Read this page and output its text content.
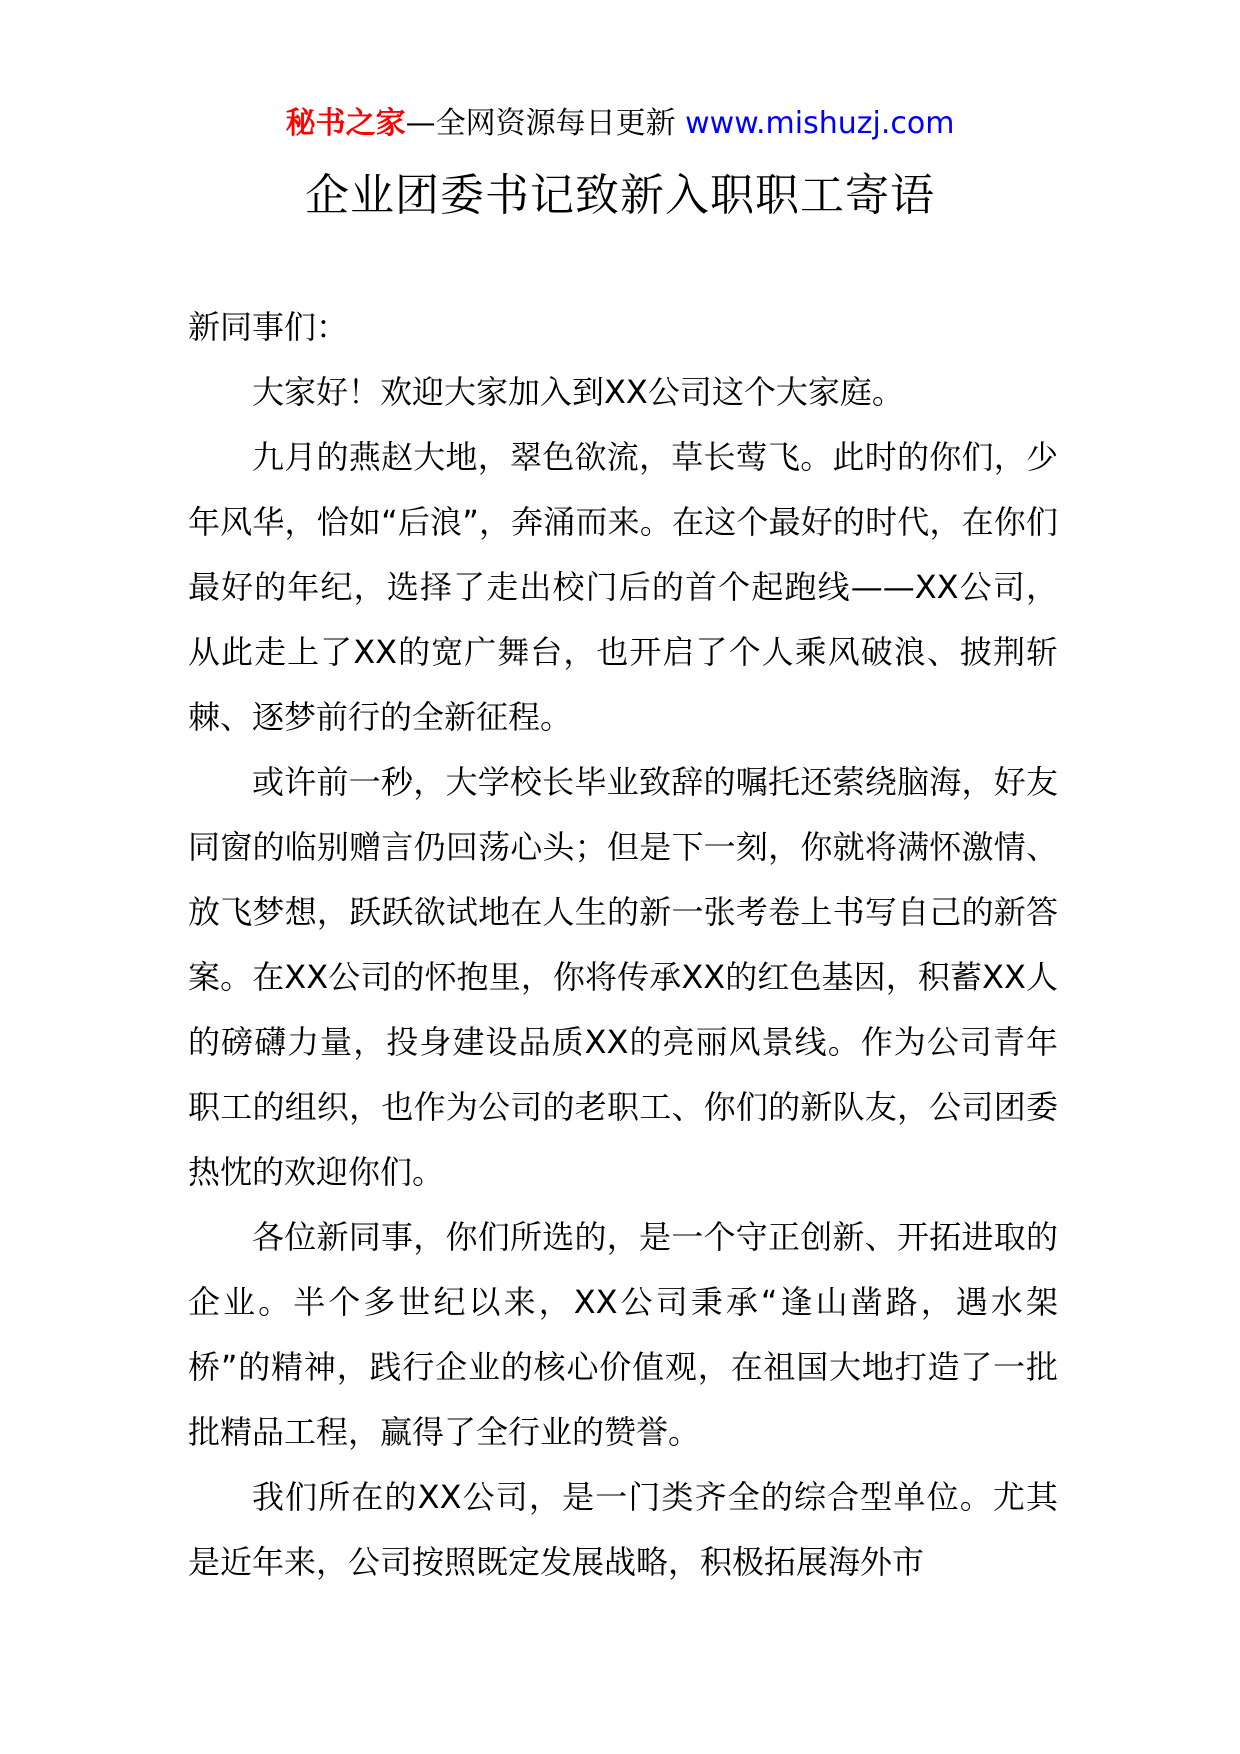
秘书之家—全网资源每日更新 www.mishuzj.com
企业团委书记致新入职职工寄语

新同事们：

大家好！欢迎大家加入到XX公司这个大家庭。

九月的燕赵大地，翠色欲流，草长莺飞。此时的你们，少年风华，恰如“后浪”，奔涌而来。在这个最好的时代，在你们最好的年纪，选择了走出校门后的首个起跑线——XX公司，从此走上了XX的宽广舞台，也开启了个人乘风破浪、披荆斩棘、逐梦前行的全新征程。

或许前一秒，大学校长毕业致辞的嘱托还萦绕脑海，好友同窗的临别赠言仍回荡心头；但是下一刻，你就将满怀激情、放飞梦想，跃跃欲试地在人生的新一张考卷上书写自己的新答案。在XX公司的怀抱里，你将传承XX的红色基因，积蓄XX人的磅礴力量，投身建设品质XX的亮丽风景线。作为公司青年职工的组织，也作为公司的老职工、你们的新队友，公司团委热忱的欢迎你们。

各位新同事，你们所选的，是一个守正创新、开拓进取的企业。半个多世纪以来，XX公司秉承“逢山凿路，遇水架桥”的精神，践行企业的核心价值观，在祖国大地打造了一批批精品工程，赢得了全行业的赞誉。

我们所在的XX公司，是一门类齐全的综合型单位。尤其是近年来，公司按照既定发展战略，积极拓展海外市
